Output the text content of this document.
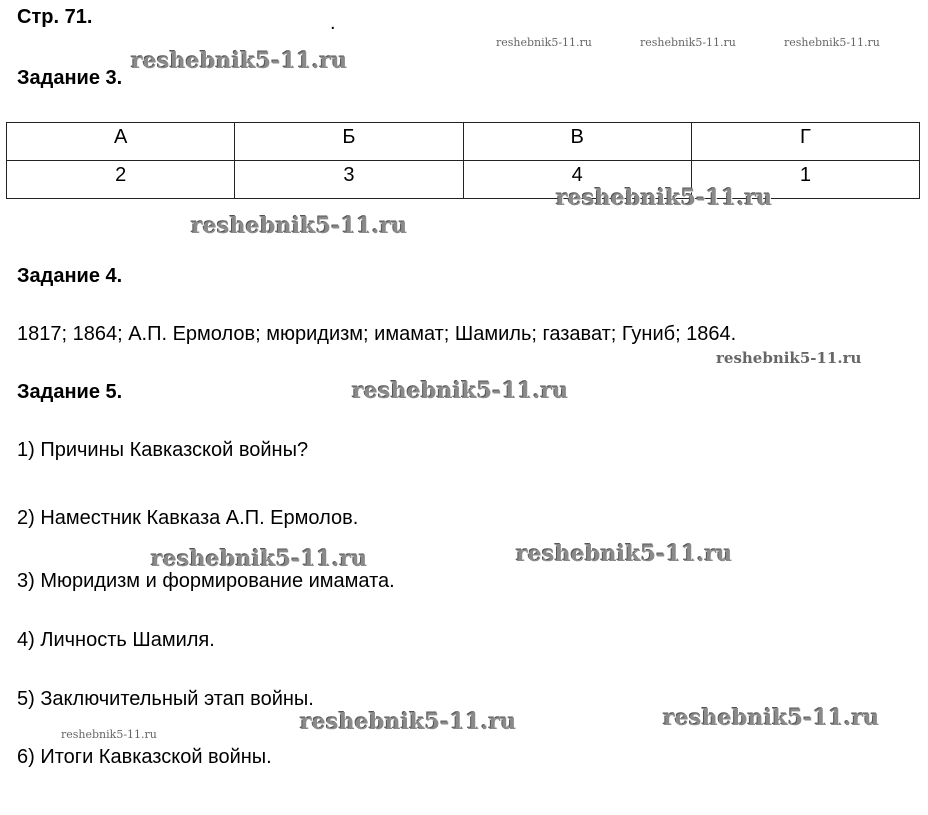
Стр. 71.	.
Задание 3.
А	Б	В	Г
2	3	4	1
Задание 4.
1817; 1864; А.П. Ермолов; мюридизм; имамат; Шамиль; газават; Гуниб; 1864.
Задание 5.
1) Причины Кавказской войны?
2) Наместник Кавказа А.П. Ермолов.
3) Мюридизм и формирование имамата.
4) Личность Шамиля.
5) Заключительный этап войны.
6) Итоги Кавказской войны.
reshebnik5-11.ru	reshebnik5-11.ru	reshebnik5-11.ru
reshebnik5-11.ru
reshebnik5-11.ru
reshebnik5-11.ru
reshebnik5-11.ru
reshebnik5-11.ru
reshebnik5-11.ru
reshebnik5-11.ru
reshebnik5-11.ru
reshebnik5-11.ru
reshebnik5-11.ru
